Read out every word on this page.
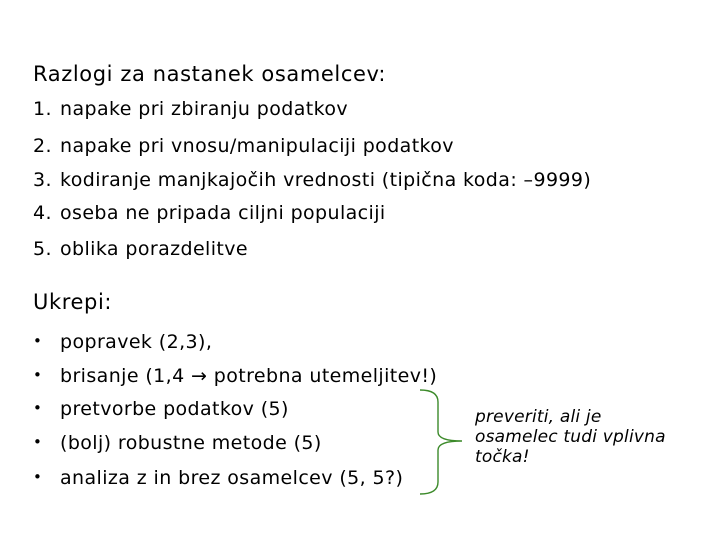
Razlogi za nastanek osamelcev:
1. napake pri zbiranju podatkov
2. napake pri vnosu/manipulaciji podatkov
3. kodiranje manjkajočih vrednosti (tipična koda: –9999)
4. oseba ne pripada ciljni populaciji
5. oblika porazdelitve
Ukrepi:
• popravek (2,3),
• brisanje (1,4 → potrebna utemeljitev!)
• pretvorbe podatkov (5)
• (bolj) robustne metode (5)
• analiza z in brez osamelcev (5, 5?)
preveriti, ali je
osamelec tudi vplivna
točka!
